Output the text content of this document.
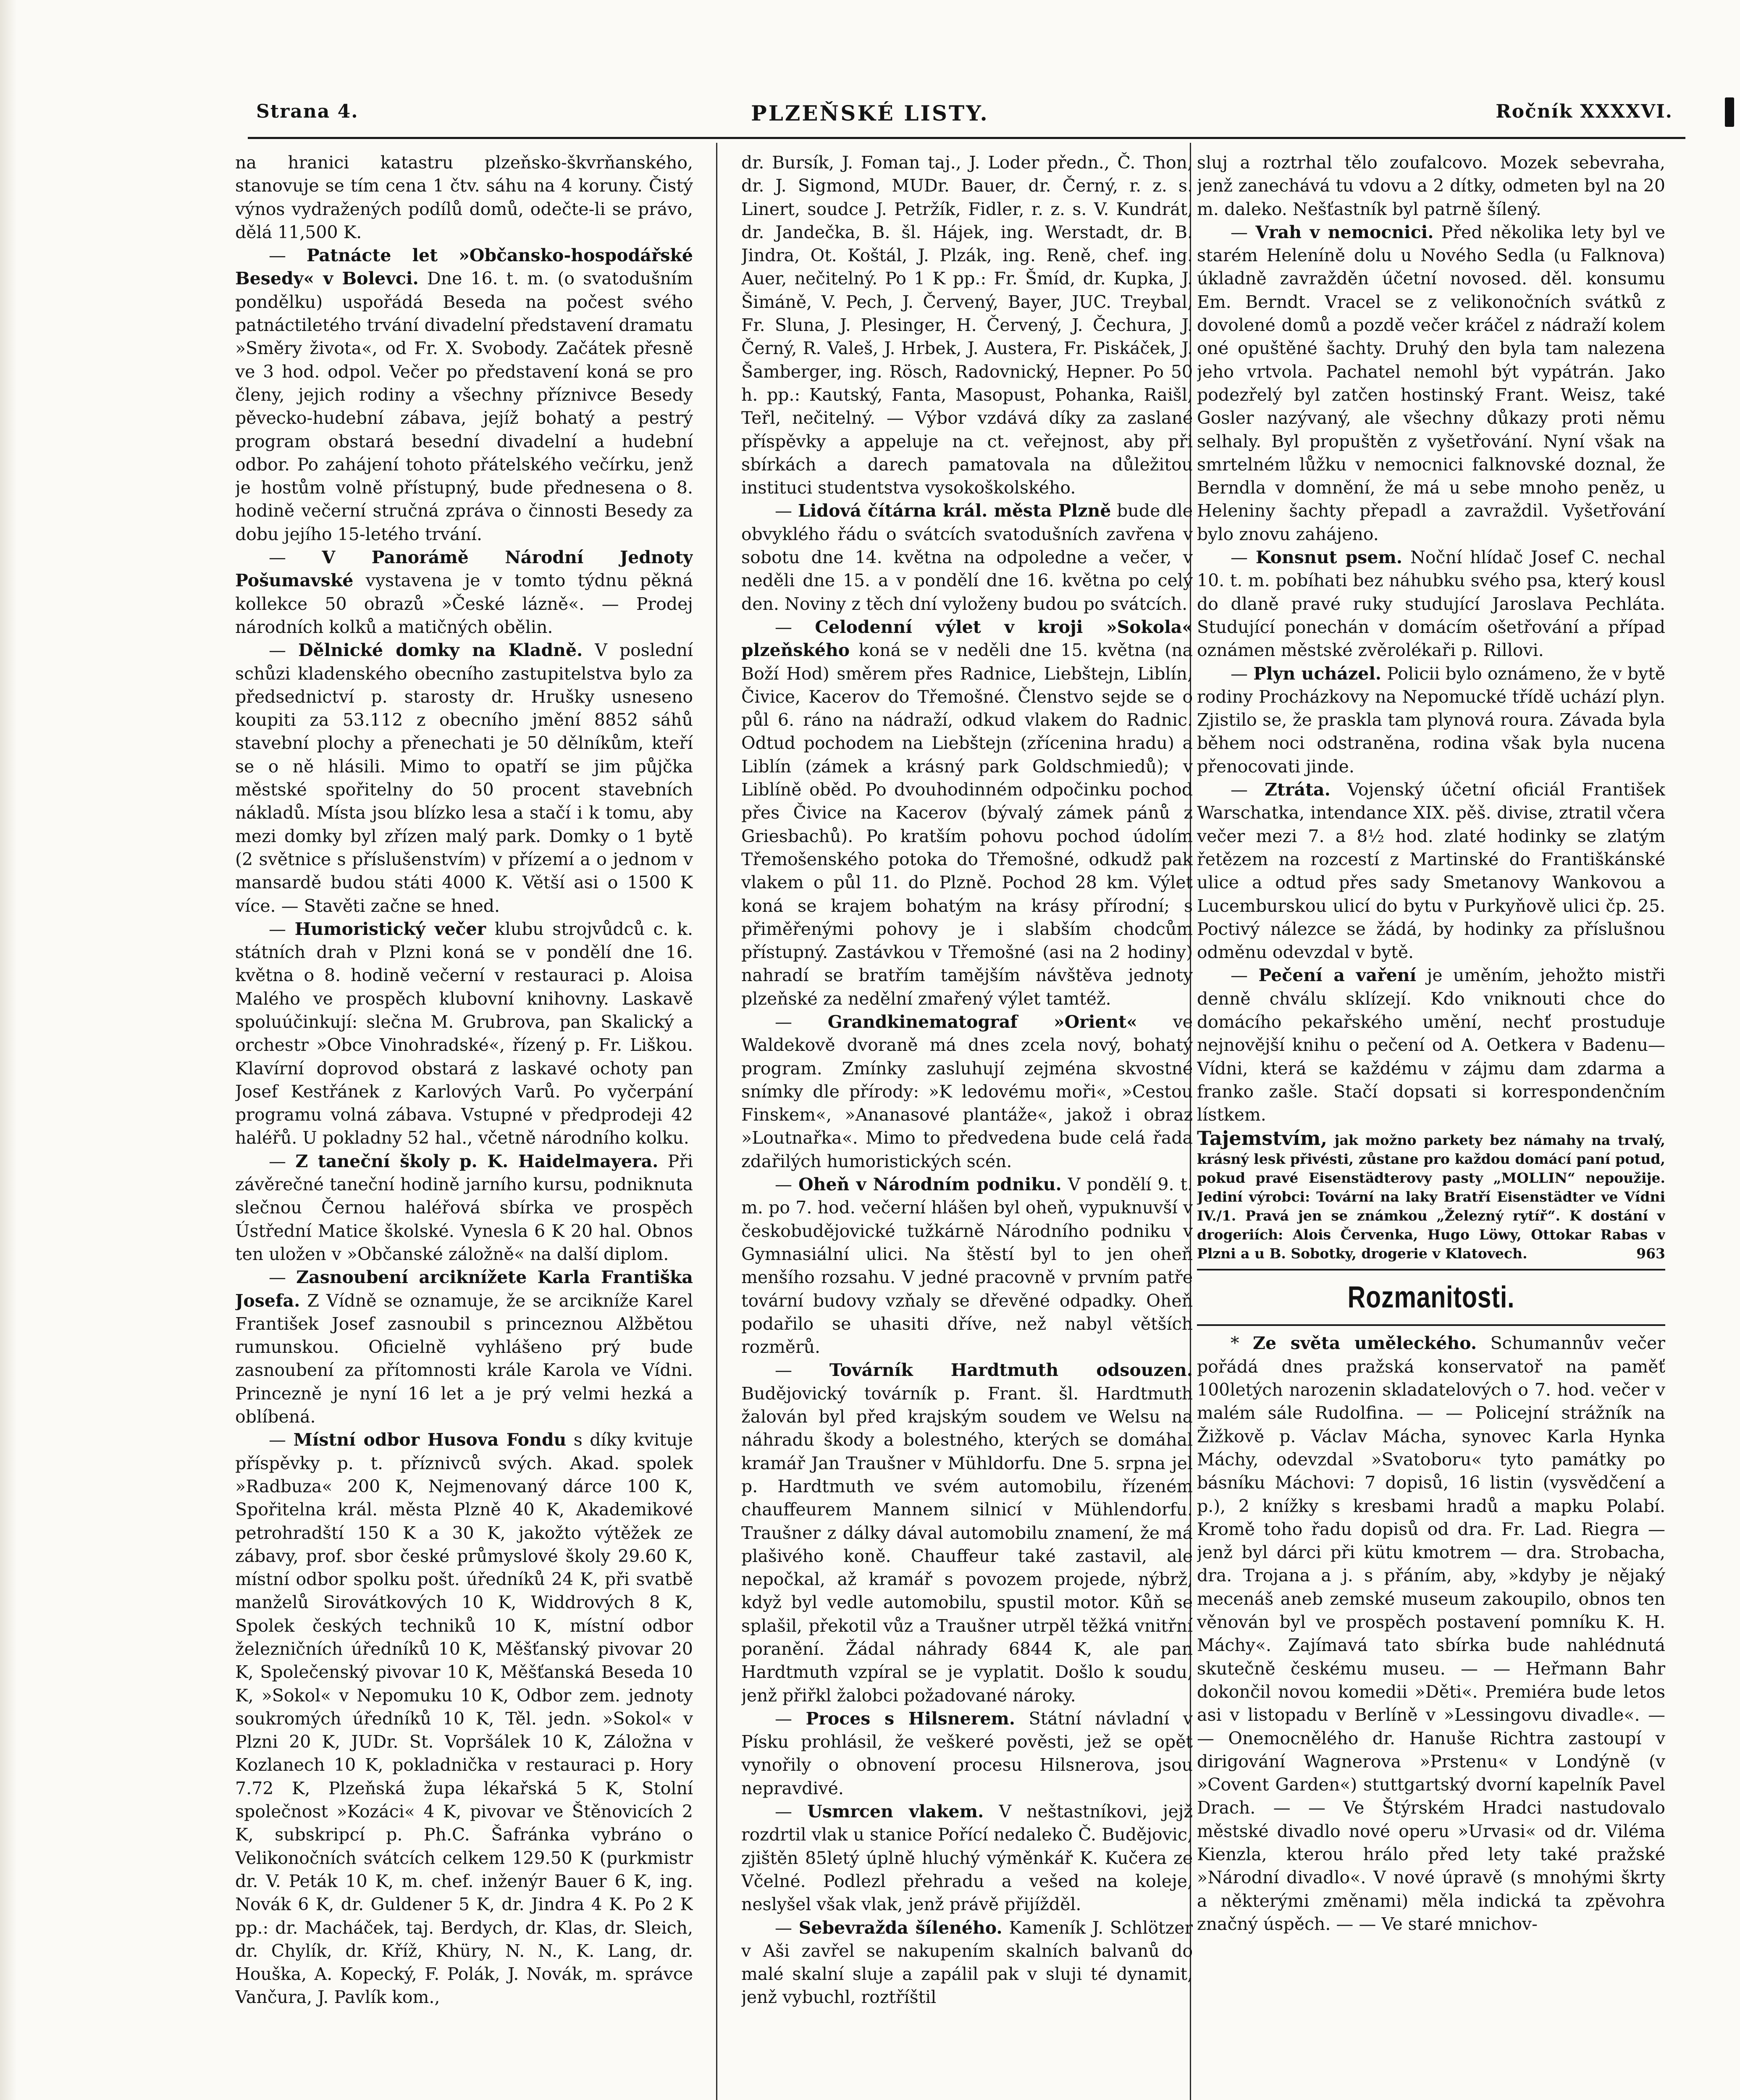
Strana 4.	PLZEŇSKÉ LISTY.	Ročník XXXXVI.

na hranici katastru plzeňsko-škvrňanského, stanovuje se tím cena 1 čtv. sáhu na 4 koruny. Čistý výnos vydražených podílů domů, odečte-li se právo, dělá 11,500 K.

— Patnácte let »Občansko-hospodářské Besedy« v Bolevci. Dne 16. t. m. (o svatodušním pondělku) uspořádá Beseda na počest svého patnáctiletého trvání divadelní představení dramatu »Směry života«, od Fr. X. Svobody. Začátek přesně ve 3 hod. odpol. Večer po představení koná se pro členy, jejich rodiny a všechny příznivce Besedy pěvecko-hudební zábava, jejíž bohatý a pestrý program obstará besední divadelní a hudební odbor. Po zahájení tohoto přátelského večírku, jenž je hostům volně přístupný, bude přednesena o 8. hodině večerní stručná zpráva o činnosti Besedy za dobu jejího 15-letého trvání.

— V Panorámě Národní Jednoty Pošumavské vystavena je v tomto týdnu pěkná kollekce 50 obrazů »České lázně«. — Prodej národních kolků a matičných obělin.

— Dělnické domky na Kladně. V poslední schůzi kladenského obecního zastupitelstva bylo za předsednictví p. starosty dr. Hrušky usneseno koupiti za 53.112 z obecního jmění 8852 sáhů stavební plochy a přenechati je 50 dělníkům, kteří se o ně hlásili. Mimo to opatří se jim půjčka městské spořitelny do 50 procent stavebních nákladů. Místa jsou blízko lesa a stačí i k tomu, aby mezi domky byl zřízen malý park. Domky o 1 bytě (2 světnice s příslušenstvím) v přízemí a o jednom v mansardě budou státi 4000 K. Větší asi o 1500 K více. — Stavěti začne se hned.

— Humoristický večer klubu strojvůdců c. k. státních drah v Plzni koná se v pondělí dne 16. května o 8. hodině večerní v restauraci p. Aloisa Malého ve prospěch klubovní knihovny. Laskavě spoluúčinkují: slečna M. Grubrova, pan Skalický a orchestr »Obce Vinohradské«, řízený p. Fr. Liškou. Klavírní doprovod obstará z laskavé ochoty pan Josef Kestřánek z Karlových Varů. Po vyčerpání programu volná zábava. Vstupné v předprodeji 42 haléřů. U pokladny 52 hal., včetně národního kolku.

— Z taneční školy p. K. Haidelmayera. Při závěrečné taneční hodině jarního kursu, podniknuta slečnou Černou haléřová sbírka ve prospěch Ústřední Matice školské. Vynesla 6 K 20 hal. Obnos ten uložen v »Občanské záložně« na další diplom.

— Zasnoubení arciknížete Karla Františka Josefa. Z Vídně se oznamuje, že se arcikníže Karel František Josef zasnoubil s princeznou Alžbětou rumunskou. Oficielně vyhlášeno prý bude zasnoubení za přítomnosti krále Karola ve Vídni. Princezně je nyní 16 let a je prý velmi hezká a oblíbená.

— Místní odbor Husova Fondu s díky kvituje příspěvky p. t. příznivců svých. Akad. spolek »Radbuza« 200 K, Nejmenovaný dárce 100 K, Spořitelna král. města Plzně 40 K, Akademikové petrohradští 150 K a 30 K, jakožto výtěžek ze zábavy, prof. sbor české průmyslové školy 29.60 K, místní odbor spolku pošt. úředníků 24 K, při svatbě manželů Sirovátkových 10 K, Widdrových 8 K, Spolek českých techniků 10 K, místní odbor železničních úředníků 10 K, Měšťanský pivovar 20 K, Společenský pivovar 10 K, Měšťanská Beseda 10 K, »Sokol« v Nepomuku 10 K, Odbor zem. jednoty soukromých úředníků 10 K, Těl. jedn. »Sokol« v Plzni 20 K, JUDr. St. Vopršálek 10 K, Záložna v Kozlanech 10 K, pokladnička v restauraci p. Hory 7.72 K, Plzeňská župa lékařská 5 K, Stolní společnost »Kozáci« 4 K, pivovar ve Štěnovicích 2 K, subskripcí p. Ph.C. Šafránka vybráno o Velikonočních svátcích celkem 129.50 K (purkmistr dr. V. Peták 10 K, m. chef. inženýr Bauer 6 K, ing. Novák 6 K, dr. Guldener 5 K, dr. Jindra 4 K. Po 2 K pp.: dr. Macháček, taj. Berdych, dr. Klas, dr. Sleich, dr. Chylík, dr. Kříž, Khüry, N. N., K. Lang, dr. Houška, A. Kopecký, F. Polák, J. Novák, m. správce Vančura, J. Pavlík kom.,

dr. Bursík, J. Foman taj., J. Loder předn., Č. Thon, dr. J. Sigmond, MUDr. Bauer, dr. Černý, r. z. s. Linert, soudce J. Petržík, Fidler, r. z. s. V. Kundrát, dr. Jandečka, B. šl. Hájek, ing. Werstadt, dr. B. Jindra, Ot. Koštál, J. Plzák, ing. Reně, chef. ing. Auer, nečitelný. Po 1 K pp.: Fr. Šmíd, dr. Kupka, J. Šimáně, V. Pech, J. Červený, Bayer, JUC. Treybal, Fr. Sluna, J. Plesinger, H. Červený, J. Čechura, J. Černý, R. Valeš, J. Hrbek, J. Austera, Fr. Piskáček, J. Šamberger, ing. Rösch, Radovnický, Hepner. Po 50 h. pp.: Kautský, Fanta, Masopust, Pohanka, Raišl, Teřl, nečitelný. — Výbor vzdává díky za zaslané příspěvky a appeluje na ct. veřejnost, aby při sbírkách a darech pamatovala na důležitou instituci studentstva vysokoškolského.

— Lidová čítárna král. města Plzně bude dle obvyklého řádu o svátcích svatodušních zavřena v sobotu dne 14. května na odpoledne a večer, v neděli dne 15. a v pondělí dne 16. května po celý den. Noviny z těch dní vyloženy budou po svátcích.

— Celodenní výlet v kroji »Sokola« plzeňského koná se v neděli dne 15. května (na Boží Hod) směrem přes Radnice, Liebštejn, Liblín, Čivice, Kacerov do Třemošné. Členstvo sejde se o půl 6. ráno na nádraží, odkud vlakem do Radnic. Odtud pochodem na Liebštejn (zřícenina hradu) a Liblín (zámek a krásný park Goldschmiedů); v Liblíně oběd. Po dvouhodinném odpočinku pochod přes Čivice na Kacerov (bývalý zámek pánů z Griesbachů). Po kratším pohovu pochod údolím Třemošenského potoka do Třemošné, odkudž pak vlakem o půl 11. do Plzně. Pochod 28 km. Výlet koná se krajem bohatým na krásy přírodní; s přiměřenými pohovy je i slabším chodcům přístupný. Zastávkou v Třemošné (asi na 2 hodiny) nahradí se bratřím tamějším návštěva jednoty plzeňské za nedělní zmařený výlet tamtéž.

— Grandkinematograf »Orient« ve Waldekově dvoraně má dnes zcela nový, bohatý program. Zmínky zasluhují zejména skvostné snímky dle přírody: »K ledovému moři«, »Cestou Finskem«, »Ananasové plantáže«, jakož i obraz »Loutnařka«. Mimo to předvedena bude celá řada zdařilých humoristických scén.

— Oheň v Národním podniku. V pondělí 9. t. m. po 7. hod. večerní hlášen byl oheň, vypuknuvší v českobudějovické tužkárně Národního podniku v Gymnasiální ulici. Na štěstí byl to jen oheň menšího rozsahu. V jedné pracovně v prvním patře tovární budovy vzňaly se dřevěné odpadky. Oheň podařilo se uhasiti dříve, než nabyl větších rozměrů.

— Továrník Hardtmuth odsouzen. Budějovický továrník p. Frant. šl. Hardtmuth žalován byl před krajským soudem ve Welsu na náhradu škody a bolestného, kterých se domáhal kramář Jan Traušner v Mühldorfu. Dne 5. srpna jel p. Hardtmuth ve svém automobilu, řízeném chauffeurem Mannem silnicí v Mühlendorfu. Traušner z dálky dával automobilu znamení, že má plašivého koně. Chauffeur také zastavil, ale nepočkal, až kramář s povozem projede, nýbrž, když byl vedle automobilu, spustil motor. Kůň se splašil, překotil vůz a Traušner utrpěl těžká vnitřní poranění. Žádal náhrady 6844 K, ale pan Hardtmuth vzpíral se je vyplatit. Došlo k soudu, jenž přiřkl žalobci požadované nároky.

— Proces s Hilsnerem. Státní návladní v Písku prohlásil, že veškeré pověsti, jež se opět vynořily o obnovení procesu Hilsnerova, jsou nepravdivé.

— Usmrcen vlakem. V neštastníkovi, jejž rozdrtil vlak u stanice Pořící nedaleko Č. Budějovic, zjištěn 85letý úplně hluchý výměnkář K. Kučera ze Včelné. Podlezl přehradu a vešed na koleje, neslyšel však vlak, jenž právě přijížděl.

— Sebevražda šíleného. Kameník J. Schlötzer v Aši zavřel se nakupením skalních balvanů do malé skalní sluje a zapálil pak v sluji té dynamit, jenž vybuchl, roztříštil

sluj a roztrhal tělo zoufalcovo. Mozek sebevraha, jenž zanechává tu vdovu a 2 dítky, odmeten byl na 20 m. daleko. Nešťastník byl patrně šílený.

— Vrah v nemocnici. Před několika lety byl ve starém Heleníně dolu u Nového Sedla (u Falknova) úkladně zavražděn účetní novosed. děl. konsumu Em. Berndt. Vracel se z velikonočních svátků z dovolené domů a pozdě večer kráčel z nádraží kolem oné opuštěné šachty. Druhý den byla tam nalezena jeho vrtvola. Pachatel nemohl být vypátrán. Jako podezřelý byl zatčen hostinský Frant. Weisz, také Gosler nazývaný, ale všechny důkazy proti němu selhaly. Byl propuštěn z vyšetřování. Nyní však na smrtelném lůžku v nemocnici falknovské doznal, že Berndla v domnění, že má u sebe mnoho peněz, u Heleniny šachty přepadl a zavraždil. Vyšetřování bylo znovu zahájeno.

— Konsnut psem. Noční hlídač Josef C. nechal 10. t. m. pobíhati bez náhubku svého psa, který kousl do dlaně pravé ruky studující Jaroslava Pechláta. Studující ponechán v domácím ošetřování a případ oznámen městské zvěrolékaři p. Rillovi.

— Plyn ucházel. Policii bylo oznámeno, že v bytě rodiny Procházkovy na Nepomucké třídě uchází plyn. Zjistilo se, že praskla tam plynová roura. Závada byla během noci odstraněna, rodina však byla nucena přenocovati jinde.

— Ztráta. Vojenský účetní oficiál František Warschatka, intendance XIX. pěš. divise, ztratil včera večer mezi 7. a 8½ hod. zlaté hodinky se zlatým řetězem na rozcestí z Martinské do Františkánské ulice a odtud přes sady Smetanovy Wankovou a Lucemburskou ulicí do bytu v Purkyňově ulici čp. 25. Poctivý nálezce se žádá, by hodinky za příslušnou odměnu odevzdal v bytě.

— Pečení a vaření je uměním, jehožto mistři denně chválu sklízejí. Kdo vniknouti chce do domácího pekařského umění, nechť prostuduje nejnovější knihu o pečení od A. Oetkera v Badenu—Vídni, která se každému v zájmu dam zdarma a franko zašle. Stačí dopsati si korrespondenčním lístkem.

Tajemstvím, jak možno parkety bez námahy na trvalý, krásný lesk přivésti, zůstane pro každou domácí paní potud, pokud pravé Eisenstädterovy pasty „MOLLIN“ nepoužije. Jediní výrobci: Tovární na laky Bratří Eisenstädter ve Vídni IV./1. Pravá jen se známkou „Železný rytíř“. K dostání v drogeriích: Alois Červenka, Hugo Löwy, Ottokar Rabas v Plzni a u B. Sobotky, drogerie v Klatovech.	963
Rozmanitosti.

* Ze světa uměleckého. Schumannův večer pořádá dnes pražská konservatoř na paměť 100letých narozenin skladatelových o 7. hod. večer v malém sále Rudolfina. — — Policejní strážník na Žižkově p. Václav Mácha, synovec Karla Hynka Máchy, odevzdal »Svatoboru« tyto památky po básníku Máchovi: 7 dopisů, 16 listin (vysvědčení a p.), 2 knížky s kresbami hradů a mapku Polabí. Kromě toho řadu dopisů od dra. Fr. Lad. Riegra — jenž byl dárci při kütu kmotrem — dra. Strobacha, dra. Trojana a j. s přáním, aby, »kdyby je nějaký mecenáš aneb zemské museum zakoupilo, obnos ten věnován byl ve prospěch postavení pomníku K. H. Máchy«. Zajímavá tato sbírka bude nahlédnutá skutečně českému museu. — — Heřmann Bahr dokončil novou komedii »Děti«. Premiéra bude letos asi v listopadu v Berlíně v »Lessingovu divadle«. — — Onemocnělého dr. Hanuše Richtra zastoupí v dirigování Wagnerova »Prstenu« v Londýně (v »Covent Garden«) stuttgartský dvorní kapelník Pavel Drach. — — Ve Štýrském Hradci nastudovalo městské divadlo nové operu »Urvasi« od dr. Viléma Kienzla, kterou hrálo před lety také pražské »Národní divadlo«. V nové úpravě (s mnohými škrty a některými změnami) měla indická ta zpěvohra značný úspěch. — — Ve staré mnichov-
